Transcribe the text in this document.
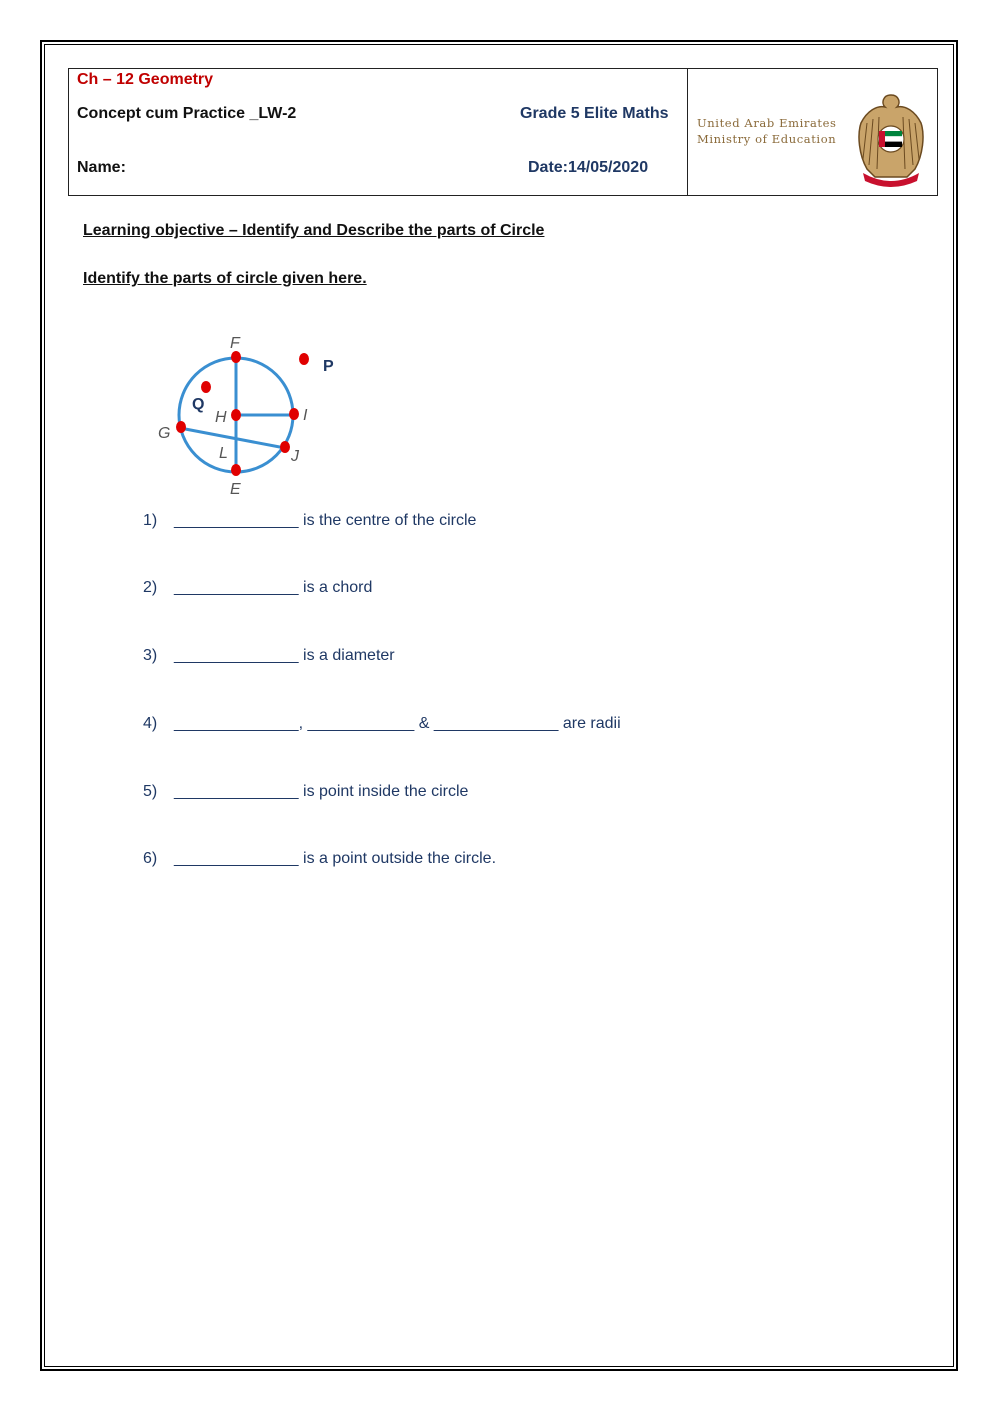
Ch – 12 Geometry
Concept cum Practice _LW-2	Grade 5 Elite Maths
Name:	Date:14/05/2020
United Arab Emirates
Ministry of Education
Learning objective – Identify and Describe the parts of Circle
Identify the parts of circle given here.
F
H	I
G
J
L
E
Q
P
1) ______________ is the centre of the circle
2) ______________ is a chord
3) ______________ is a diameter
4) ______________, ____________ & ______________ are radii
5) ______________ is point inside the circle
6) ______________ is a point outside the circle.
